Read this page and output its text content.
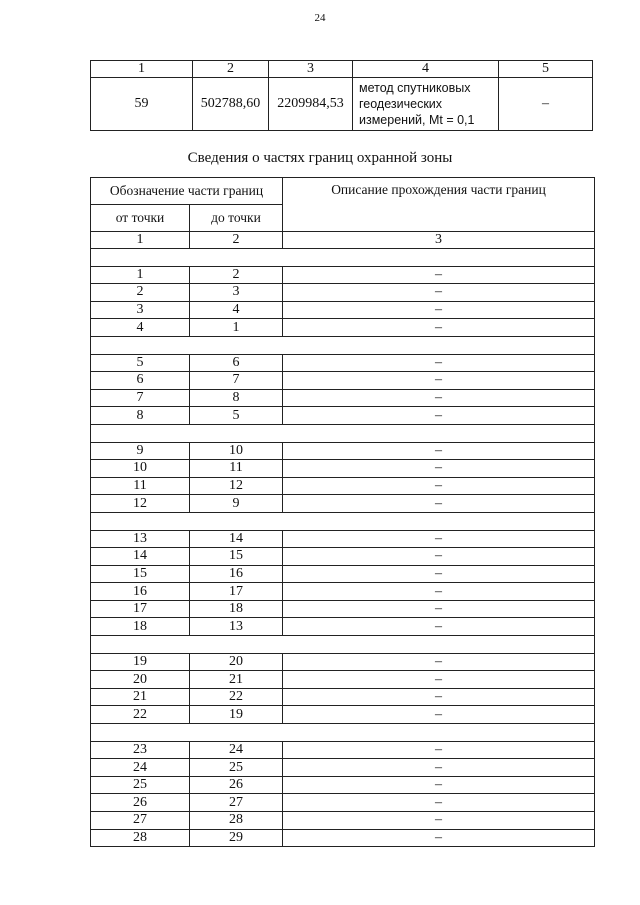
24
1	2	3	4	5
59	502788,60	2209984,53	метод спутниковых
геодезических
измерений, Mt = 0,1	–
Сведения о частях границ охранной зоны
Обозначение части границ		Описание прохождения части границ
от точки	до точки	
1	2	3

1	2	–
2	3	–
3	4	–
4	1	–

5	6	–
6	7	–
7	8	–
8	5	–

9	10	–
10	11	–
11	12	–
12	9	–

13	14	–
14	15	–
15	16	–
16	17	–
17	18	–
18	13	–

19	20	–
20	21	–
21	22	–
22	19	–

23	24	–
24	25	–
25	26	–
26	27	–
27	28	–
28	29	–
